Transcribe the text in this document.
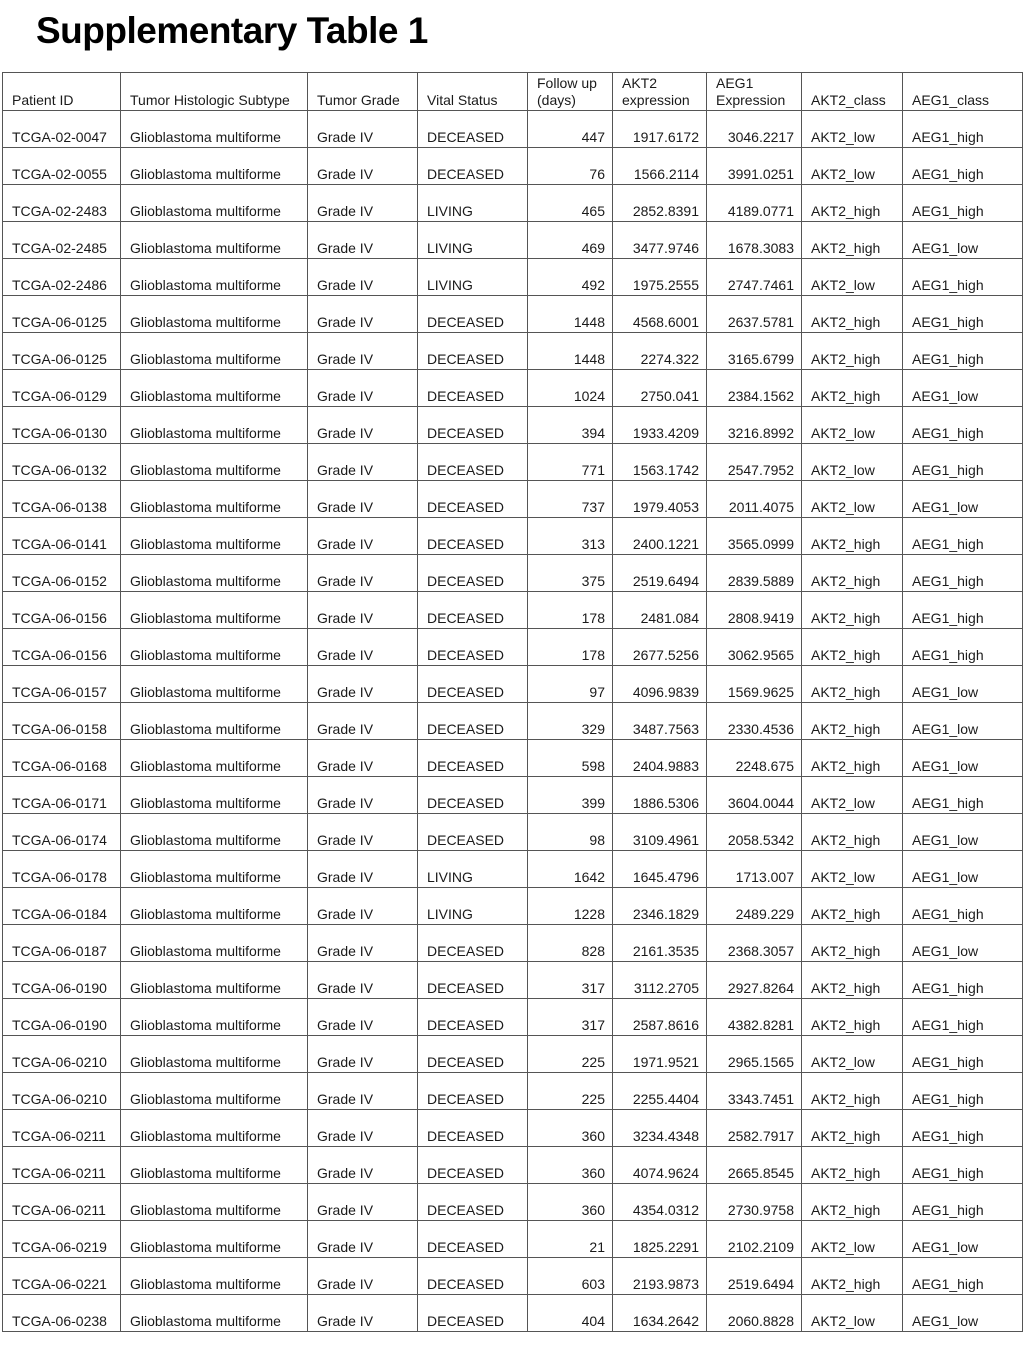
Supplementary Table 1
Patient ID	Tumor Histologic Subtype	Tumor Grade	Vital Status	Follow up (days)	AKT2 expression	AEG1 Expression	AKT2_class	AEG1_class
TCGA-02-0047	Glioblastoma multiforme	Grade IV	DECEASED	447	1917.6172	3046.2217	AKT2_low	AEG1_high
TCGA-02-0055	Glioblastoma multiforme	Grade IV	DECEASED	76	1566.2114	3991.0251	AKT2_low	AEG1_high
TCGA-02-2483	Glioblastoma multiforme	Grade IV	LIVING	465	2852.8391	4189.0771	AKT2_high	AEG1_high
TCGA-02-2485	Glioblastoma multiforme	Grade IV	LIVING	469	3477.9746	1678.3083	AKT2_high	AEG1_low
TCGA-02-2486	Glioblastoma multiforme	Grade IV	LIVING	492	1975.2555	2747.7461	AKT2_low	AEG1_high
TCGA-06-0125	Glioblastoma multiforme	Grade IV	DECEASED	1448	4568.6001	2637.5781	AKT2_high	AEG1_high
TCGA-06-0125	Glioblastoma multiforme	Grade IV	DECEASED	1448	2274.322	3165.6799	AKT2_high	AEG1_high
TCGA-06-0129	Glioblastoma multiforme	Grade IV	DECEASED	1024	2750.041	2384.1562	AKT2_high	AEG1_low
TCGA-06-0130	Glioblastoma multiforme	Grade IV	DECEASED	394	1933.4209	3216.8992	AKT2_low	AEG1_high
TCGA-06-0132	Glioblastoma multiforme	Grade IV	DECEASED	771	1563.1742	2547.7952	AKT2_low	AEG1_high
TCGA-06-0138	Glioblastoma multiforme	Grade IV	DECEASED	737	1979.4053	2011.4075	AKT2_low	AEG1_low
TCGA-06-0141	Glioblastoma multiforme	Grade IV	DECEASED	313	2400.1221	3565.0999	AKT2_high	AEG1_high
TCGA-06-0152	Glioblastoma multiforme	Grade IV	DECEASED	375	2519.6494	2839.5889	AKT2_high	AEG1_high
TCGA-06-0156	Glioblastoma multiforme	Grade IV	DECEASED	178	2481.084	2808.9419	AKT2_high	AEG1_high
TCGA-06-0156	Glioblastoma multiforme	Grade IV	DECEASED	178	2677.5256	3062.9565	AKT2_high	AEG1_high
TCGA-06-0157	Glioblastoma multiforme	Grade IV	DECEASED	97	4096.9839	1569.9625	AKT2_high	AEG1_low
TCGA-06-0158	Glioblastoma multiforme	Grade IV	DECEASED	329	3487.7563	2330.4536	AKT2_high	AEG1_low
TCGA-06-0168	Glioblastoma multiforme	Grade IV	DECEASED	598	2404.9883	2248.675	AKT2_high	AEG1_low
TCGA-06-0171	Glioblastoma multiforme	Grade IV	DECEASED	399	1886.5306	3604.0044	AKT2_low	AEG1_high
TCGA-06-0174	Glioblastoma multiforme	Grade IV	DECEASED	98	3109.4961	2058.5342	AKT2_high	AEG1_low
TCGA-06-0178	Glioblastoma multiforme	Grade IV	LIVING	1642	1645.4796	1713.007	AKT2_low	AEG1_low
TCGA-06-0184	Glioblastoma multiforme	Grade IV	LIVING	1228	2346.1829	2489.229	AKT2_high	AEG1_high
TCGA-06-0187	Glioblastoma multiforme	Grade IV	DECEASED	828	2161.3535	2368.3057	AKT2_high	AEG1_low
TCGA-06-0190	Glioblastoma multiforme	Grade IV	DECEASED	317	3112.2705	2927.8264	AKT2_high	AEG1_high
TCGA-06-0190	Glioblastoma multiforme	Grade IV	DECEASED	317	2587.8616	4382.8281	AKT2_high	AEG1_high
TCGA-06-0210	Glioblastoma multiforme	Grade IV	DECEASED	225	1971.9521	2965.1565	AKT2_low	AEG1_high
TCGA-06-0210	Glioblastoma multiforme	Grade IV	DECEASED	225	2255.4404	3343.7451	AKT2_high	AEG1_high
TCGA-06-0211	Glioblastoma multiforme	Grade IV	DECEASED	360	3234.4348	2582.7917	AKT2_high	AEG1_high
TCGA-06-0211	Glioblastoma multiforme	Grade IV	DECEASED	360	4074.9624	2665.8545	AKT2_high	AEG1_high
TCGA-06-0211	Glioblastoma multiforme	Grade IV	DECEASED	360	4354.0312	2730.9758	AKT2_high	AEG1_high
TCGA-06-0219	Glioblastoma multiforme	Grade IV	DECEASED	21	1825.2291	2102.2109	AKT2_low	AEG1_low
TCGA-06-0221	Glioblastoma multiforme	Grade IV	DECEASED	603	2193.9873	2519.6494	AKT2_high	AEG1_high
TCGA-06-0238	Glioblastoma multiforme	Grade IV	DECEASED	404	1634.2642	2060.8828	AKT2_low	AEG1_low
